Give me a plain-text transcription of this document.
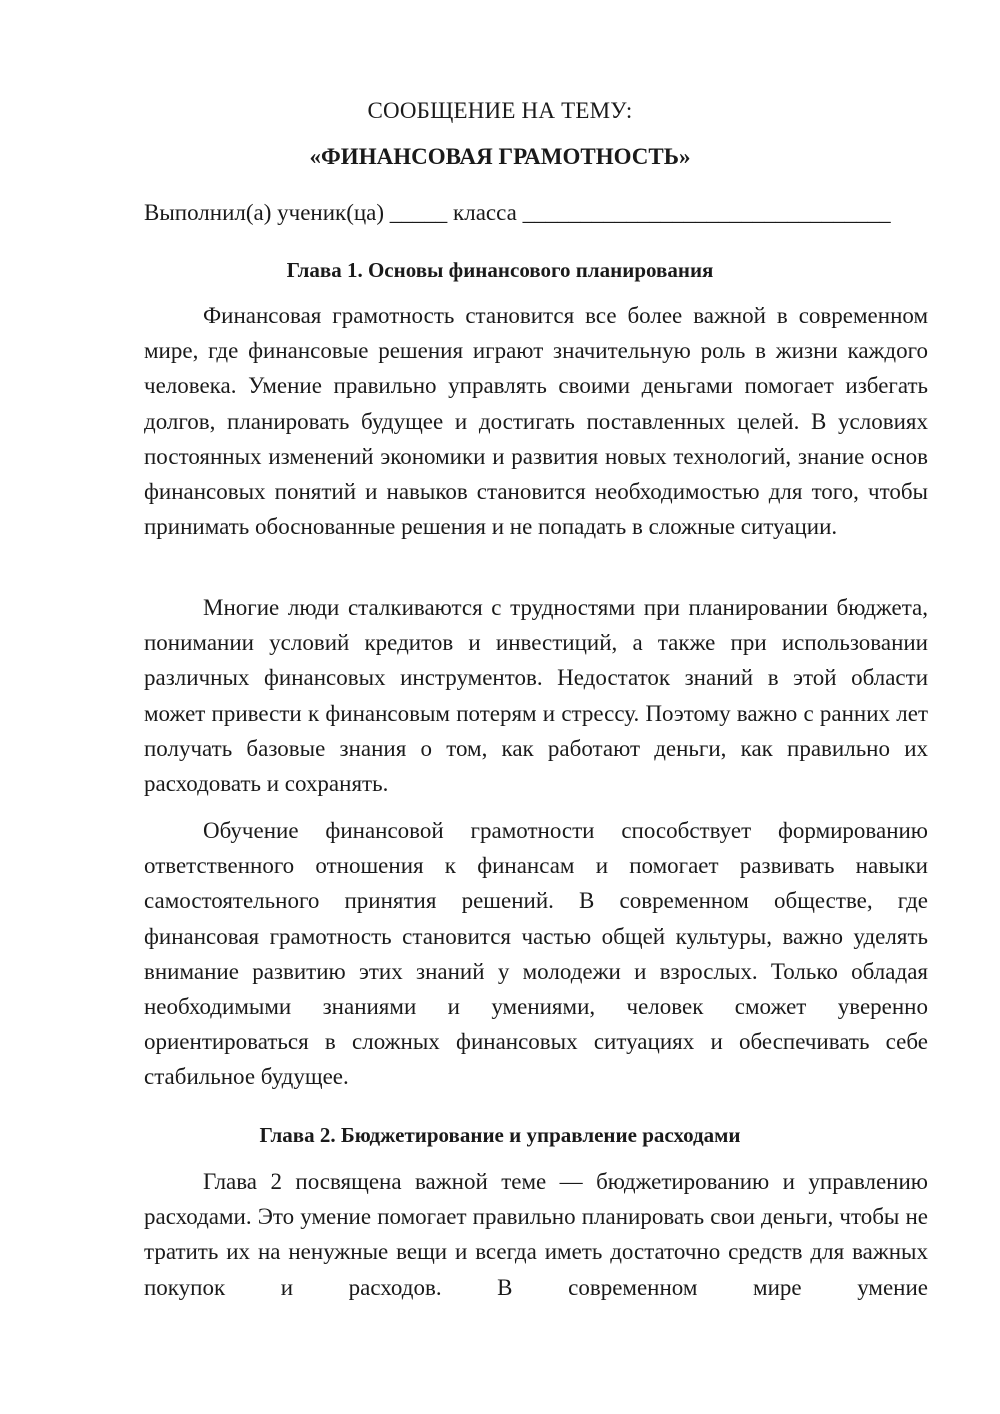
СООБЩЕНИЕ НА ТЕМУ:
«ФИНАНСОВАЯ ГРАМОТНОСТЬ»
Выполнил(а) ученик(ца) _____ класса ________________________________
Глава 1. Основы финансового планирования
Финансовая грамотность становится все более важной в современном мире, где финансовые решения играют значительную роль в жизни каждого человека. Умение правильно управлять своими деньгами помогает избегать долгов, планировать будущее и достигать поставленных целей. В условиях постоянных изменений экономики и развития новых технологий, знание основ финансовых понятий и навыков становится необходимостью для того, чтобы принимать обоснованные решения и не попадать в сложные ситуации.
Многие люди сталкиваются с трудностями при планировании бюджета, понимании условий кредитов и инвестиций, а также при использовании различных финансовых инструментов. Недостаток знаний в этой области может привести к финансовым потерям и стрессу. Поэтому важно с ранних лет получать базовые знания о том, как работают деньги, как правильно их расходовать и сохранять.
Обучение финансовой грамотности способствует формированию ответственного отношения к финансам и помогает развивать навыки самостоятельного принятия решений. В современном обществе, где финансовая грамотность становится частью общей культуры, важно уделять внимание развитию этих знаний у молодежи и взрослых. Только обладая необходимыми знаниями и умениями, человек сможет уверенно ориентироваться в сложных финансовых ситуациях и обеспечивать себе стабильное будущее.
Глава 2. Бюджетирование и управление расходами
Глава 2 посвящена важной теме — бюджетированию и управлению расходами. Это умение помогает правильно планировать свои деньги, чтобы не тратить их на ненужные вещи и всегда иметь достаточно средств для важных покупок и расходов. В современном мире умение
